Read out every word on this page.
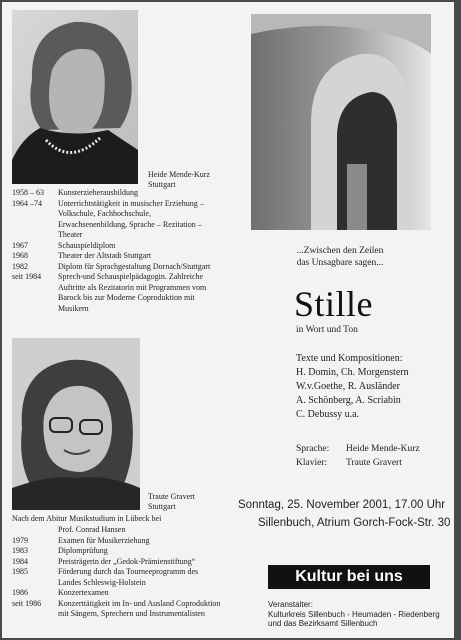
Heide Mende-Kurz
Stuttgart
1958 – 63	Kunsterzieherausbildung
1964 –74	Unterrichtstätigkeit in musischer Erziehung – Volkschule, Fachhochschule, Erwachsenenbildung, Sprache – Rezitation – Theater
1967	Schauspieldiplom
1968	Theater der Altstadt Stuttgart
1982	Diplom für Sprachgestaltung Dornach/Stuttgart
seit 1984	Sprech-und Schauspielpädagogin. Zahlreiche Auftritte als Rezitatorin mit Programmen vom Barock bis zur Moderne Coproduktion mit Musikern
Traute Gravert
Stuttgart
Nach dem Abitur Musikstudium in Lübeck bei
Prof. Conrad Hansen
1979	Examen für Musikerziehung
1983	Diplomprüfung
1984	Preisträgerin der „Gedok-Prämienstiftung“
1985	Förderung durch das Tourneeprogramm des Landes Schleswig-Holstein
1986	Konzertexamen
seit 1986	Konzerttätigkeit im In- und Ausland Coproduktion mit Sängern, Sprechern und Instrumentalisten
...Zwischen den Zeilen
das Unsagbare sagen...
Stille
in Wort und Ton
Texte und Kompositionen:
H. Domin, Ch. Morgenstern
W.v.Goethe, R. Ausländer
A. Schönberg, A. Scriabin
C. Debussy u.a.
Sprache:	Heide Mende-Kurz
Klavier:	Traute Gravert
Sonntag, 25. November 2001, 17.00 Uhr
Sillenbuch, Atrium Gorch-Fock-Str. 30
Kultur bei uns
Veranstalter:
Kulturkreis Sillenbuch - Heumaden - Riedenberg
und das Bezirksamt Sillenbuch
